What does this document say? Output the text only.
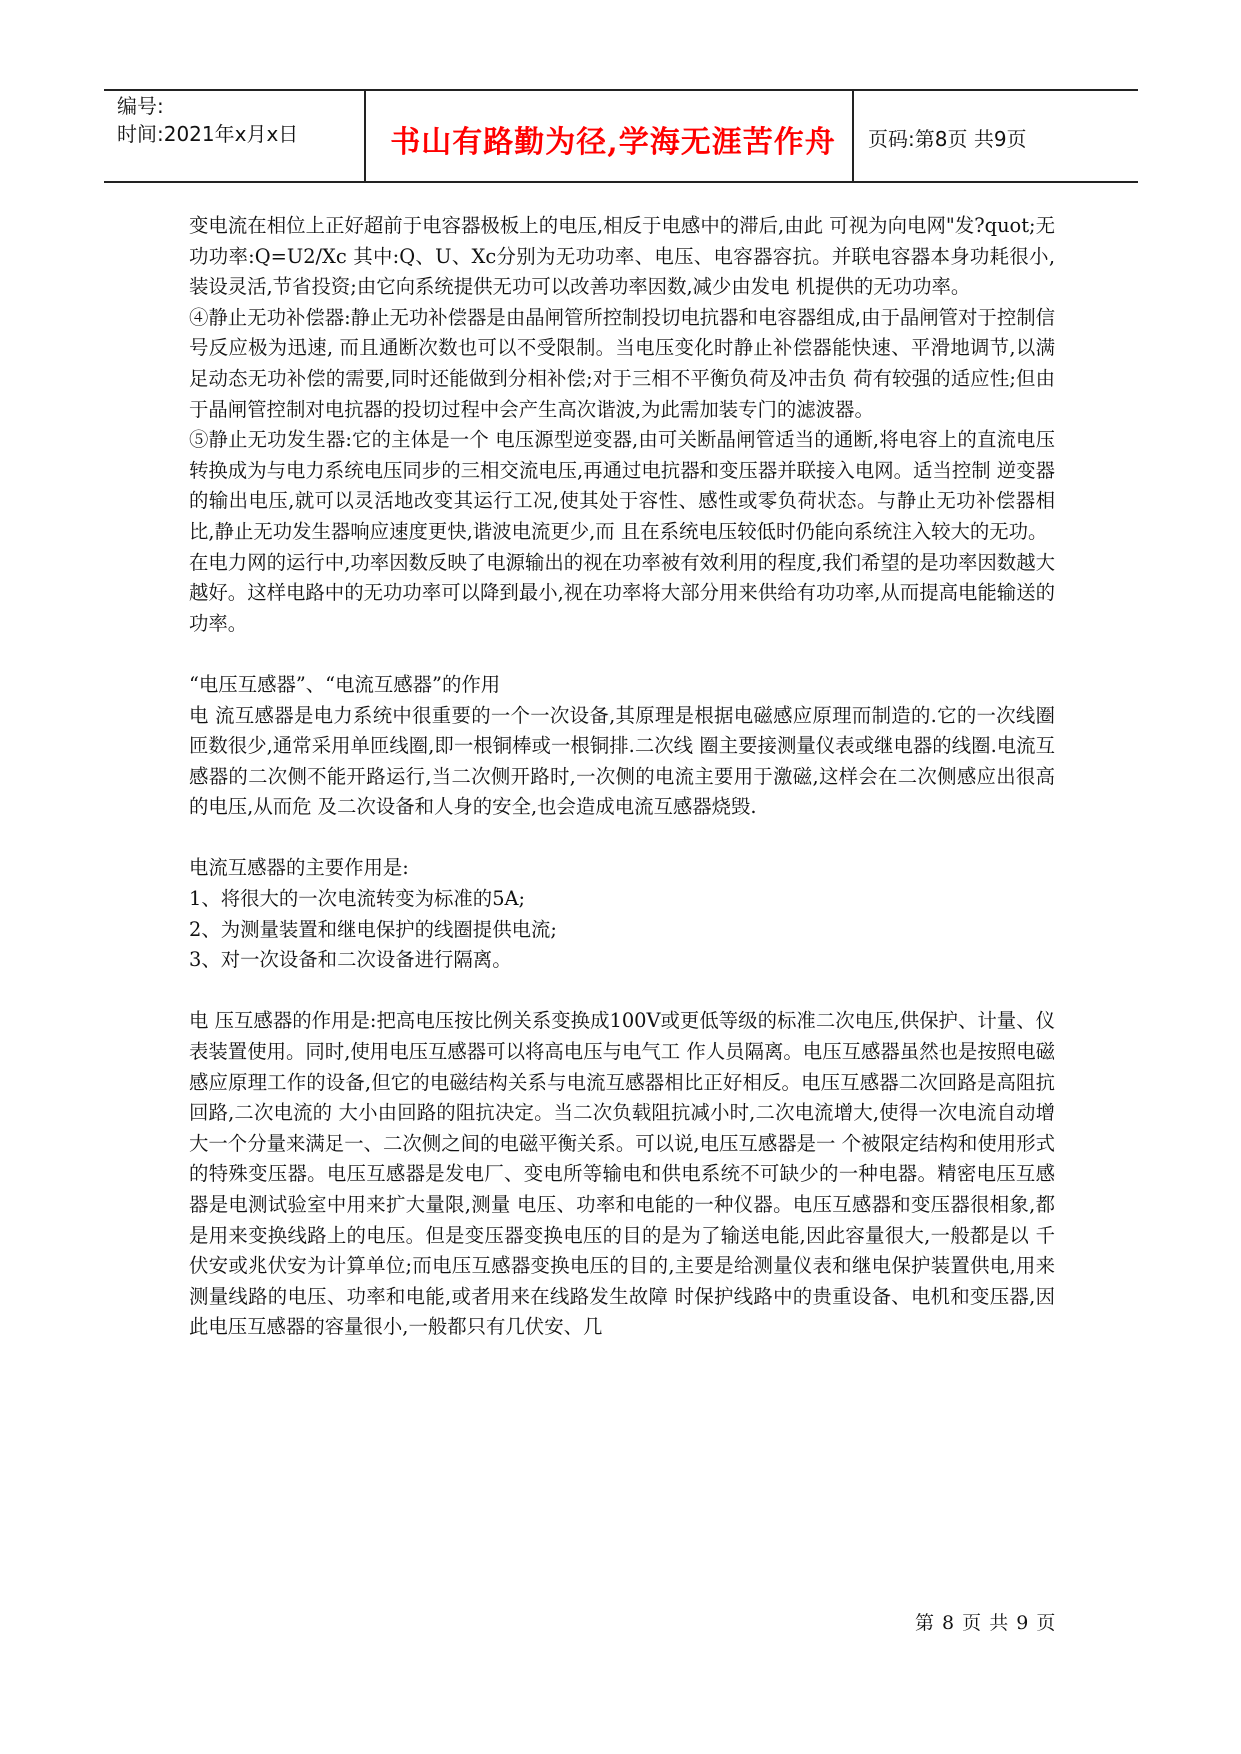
编号:
时间:2021年x月x日	书山有路勤为径,学海无涯苦作舟	页码:第8页 共9页

变电流在相位上正好超前于电容器极板上的电压,相反于电感中的滞后,由此 可视为向电网"发?quot;无功功率:Q=U2/Xc 其中:Q、U、Xc分别为无功功率、电压、电容器容抗。并联电容器本身功耗很小,装设灵活,节省投资;由它向系统提供无功可以改善功率因数,减少由发电 机提供的无功功率。

④静止无功补偿器:静止无功补偿器是由晶闸管所控制投切电抗器和电容器组成,由于晶闸管对于控制信号反应极为迅速, 而且通断次数也可以不受限制。当电压变化时静止补偿器能快速、平滑地调节,以满足动态无功补偿的需要,同时还能做到分相补偿;对于三相不平衡负荷及冲击负 荷有较强的适应性;但由于晶闸管控制对电抗器的投切过程中会产生高次谐波,为此需加装专门的滤波器。

⑤静止无功发生器:它的主体是一个 电压源型逆变器,由可关断晶闸管适当的通断,将电容上的直流电压转换成为与电力系统电压同步的三相交流电压,再通过电抗器和变压器并联接入电网。适当控制 逆变器的输出电压,就可以灵活地改变其运行工况,使其处于容性、感性或零负荷状态。与静止无功补偿器相比,静止无功发生器响应速度更快,谐波电流更少,而 且在系统电压较低时仍能向系统注入较大的无功。

在电力网的运行中,功率因数反映了电源输出的视在功率被有效利用的程度,我们希望的是功率因数越大越好。这样电路中的无功功率可以降到最小,视在功率将大部分用来供给有功功率,从而提高电能输送的功率。

“电压互感器”、“电流互感器”的作用

电 流互感器是电力系统中很重要的一个一次设备,其原理是根据电磁感应原理而制造的.它的一次线圈匝数很少,通常采用单匝线圈,即一根铜棒或一根铜排.二次线 圈主要接测量仪表或继电器的线圈.电流互感器的二次侧不能开路运行,当二次侧开路时,一次侧的电流主要用于激磁,这样会在二次侧感应出很高的电压,从而危 及二次设备和人身的安全,也会造成电流互感器烧毁.

电流互感器的主要作用是:

1、将很大的一次电流转变为标准的5A;

2、为测量装置和继电保护的线圈提供电流;

3、对一次设备和二次设备进行隔离。

电 压互感器的作用是:把高电压按比例关系变换成100V或更低等级的标准二次电压,供保护、计量、仪表装置使用。同时,使用电压互感器可以将高电压与电气工 作人员隔离。电压互感器虽然也是按照电磁感应原理工作的设备,但它的电磁结构关系与电流互感器相比正好相反。电压互感器二次回路是高阻抗回路,二次电流的 大小由回路的阻抗决定。当二次负载阻抗减小时,二次电流增大,使得一次电流自动增大一个分量来满足一、二次侧之间的电磁平衡关系。可以说,电压互感器是一 个被限定结构和使用形式的特殊变压器。电压互感器是发电厂、变电所等输电和供电系统不可缺少的一种电器。精密电压互感器是电测试验室中用来扩大量限,测量 电压、功率和电能的一种仪器。电压互感器和变压器很相象,都是用来变换线路上的电压。但是变压器变换电压的目的是为了输送电能,因此容量很大,一般都是以 千伏安或兆伏安为计算单位;而电压互感器变换电压的目的,主要是给测量仪表和继电保护装置供电,用来测量线路的电压、功率和电能,或者用来在线路发生故障 时保护线路中的贵重设备、电机和变压器,因此电压互感器的容量很小,一般都只有几伏安、几

第 8 页 共 9 页
